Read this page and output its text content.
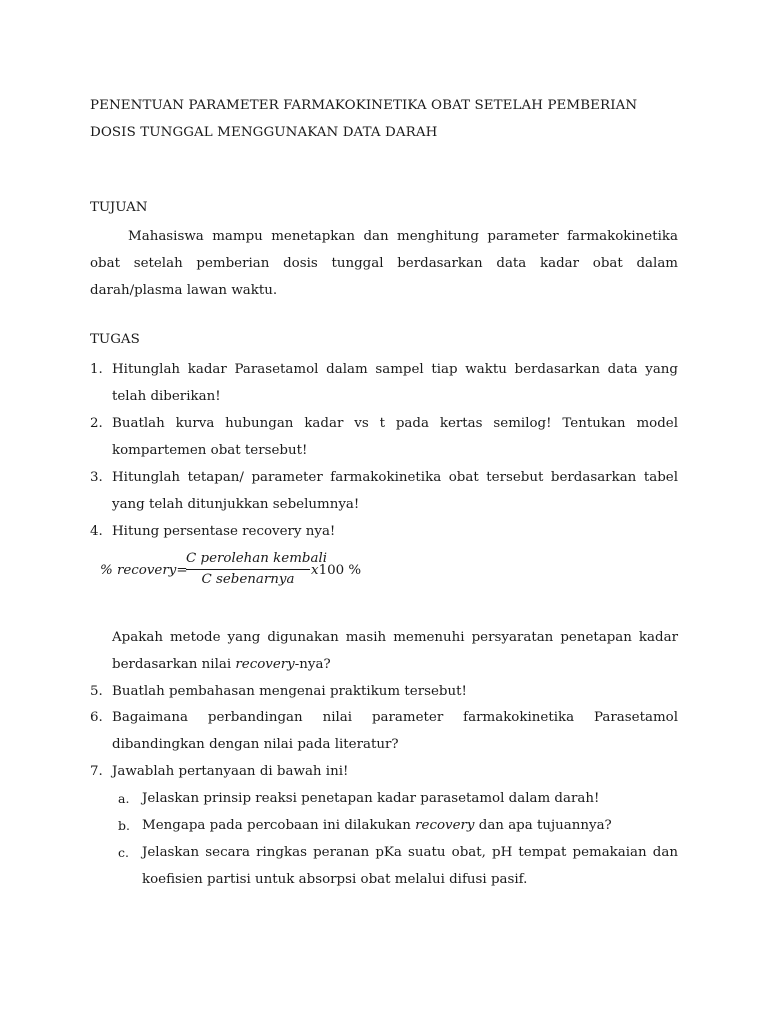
PENENTUAN PARAMETER FARMAKOKINETIKA OBAT SETELAH PEMBERIAN
DOSIS TUNGGAL MENGGUNAKAN DATA DARAH
TUJUAN
Mahasiswa mampu menetapkan dan menghitung parameter farmakokinetika obat setelah pemberian dosis tunggal berdasarkan data kadar obat dalam darah/plasma lawan waktu.
TUGAS
1. Hitunglah kadar Parasetamol dalam sampel tiap waktu berdasarkan data yang telah diberikan!
2. Buatlah kurva hubungan kadar vs t pada kertas semilog! Tentukan model kompartemen obat tersebut!
3. Hitunglah tetapan/ parameter farmakokinetika obat tersebut berdasarkan tabel yang telah ditunjukkan sebelumnya!
4. Hitung persentase recovery nya!
% recovery=
C perolehan kembali
C sebenarnya
x100 %
Apakah metode yang digunakan masih memenuhi persyaratan penetapan kadar berdasarkan nilai recovery-nya?
5. Buatlah pembahasan mengenai praktikum tersebut!
6. Bagaimana perbandingan nilai parameter farmakokinetika Parasetamol dibandingkan dengan nilai pada literatur?
7. Jawablah pertanyaan di bawah ini!
a. Jelaskan prinsip reaksi penetapan kadar parasetamol dalam darah!
b. Mengapa pada percobaan ini dilakukan recovery dan apa tujuannya?
c. Jelaskan secara ringkas peranan pKa suatu obat, pH tempat pemakaian dan koefisien partisi untuk absorpsi obat melalui difusi pasif.
